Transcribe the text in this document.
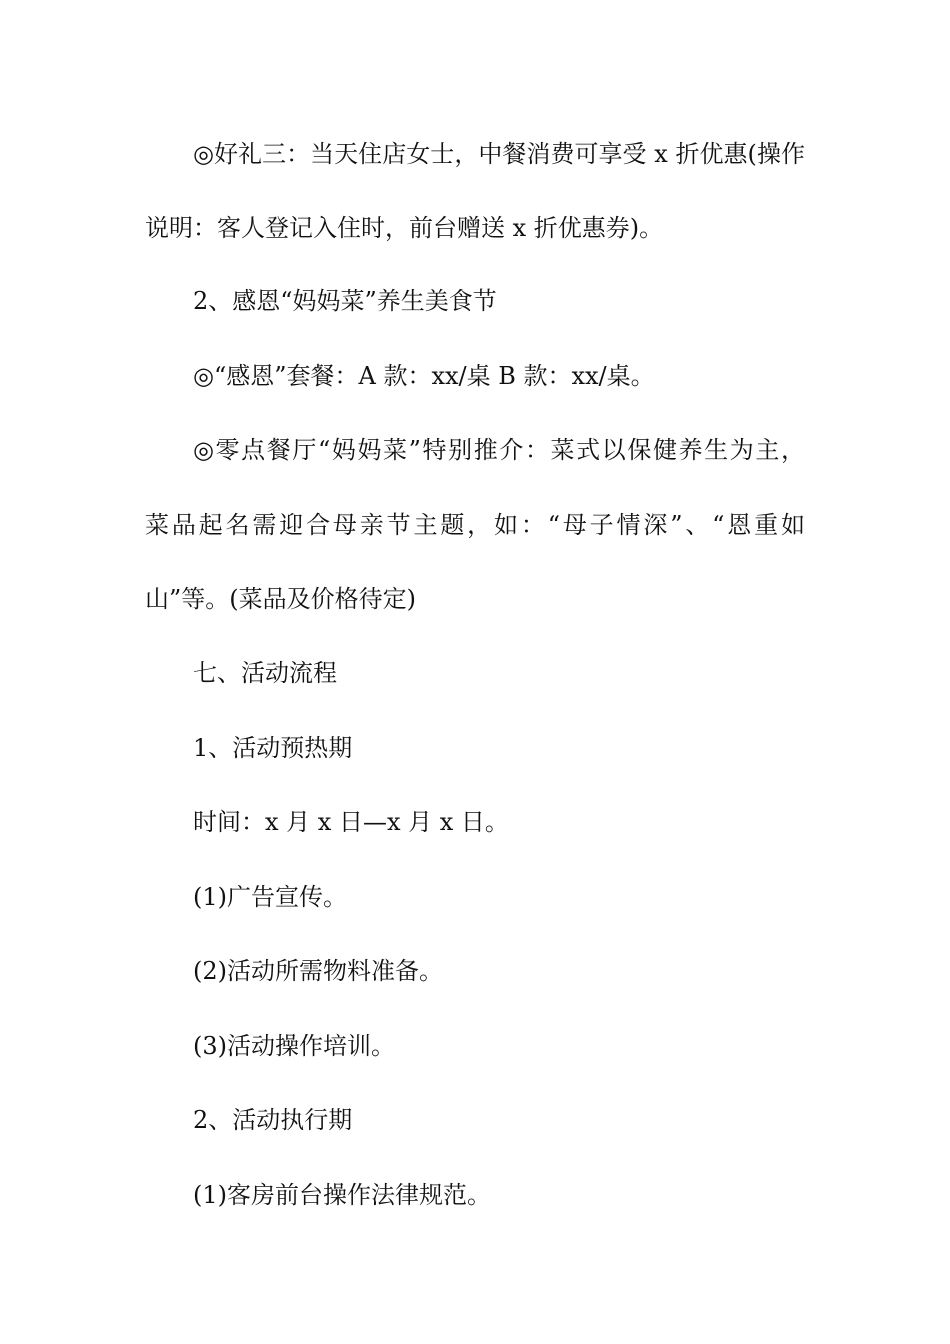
◎好礼三：当天住店女士，中餐消费可享受 x 折优惠(操作
说明：客人登记入住时，前台赠送 x 折优惠券)。
2、感恩“妈妈菜”养生美食节
◎“感恩”套餐：A 款：xx/桌 B 款：xx/桌。
◎零点餐厅“妈妈菜”特别推介：菜式以保健养生为主，
菜品起名需迎合母亲节主题，如：“母子情深”、“恩重如
山”等。(菜品及价格待定)
七、活动流程
1、活动预热期
时间：x 月 x 日—x 月 x 日。
(1)广告宣传。
(2)活动所需物料准备。
(3)活动操作培训。
2、活动执行期
(1)客房前台操作法律规范。
